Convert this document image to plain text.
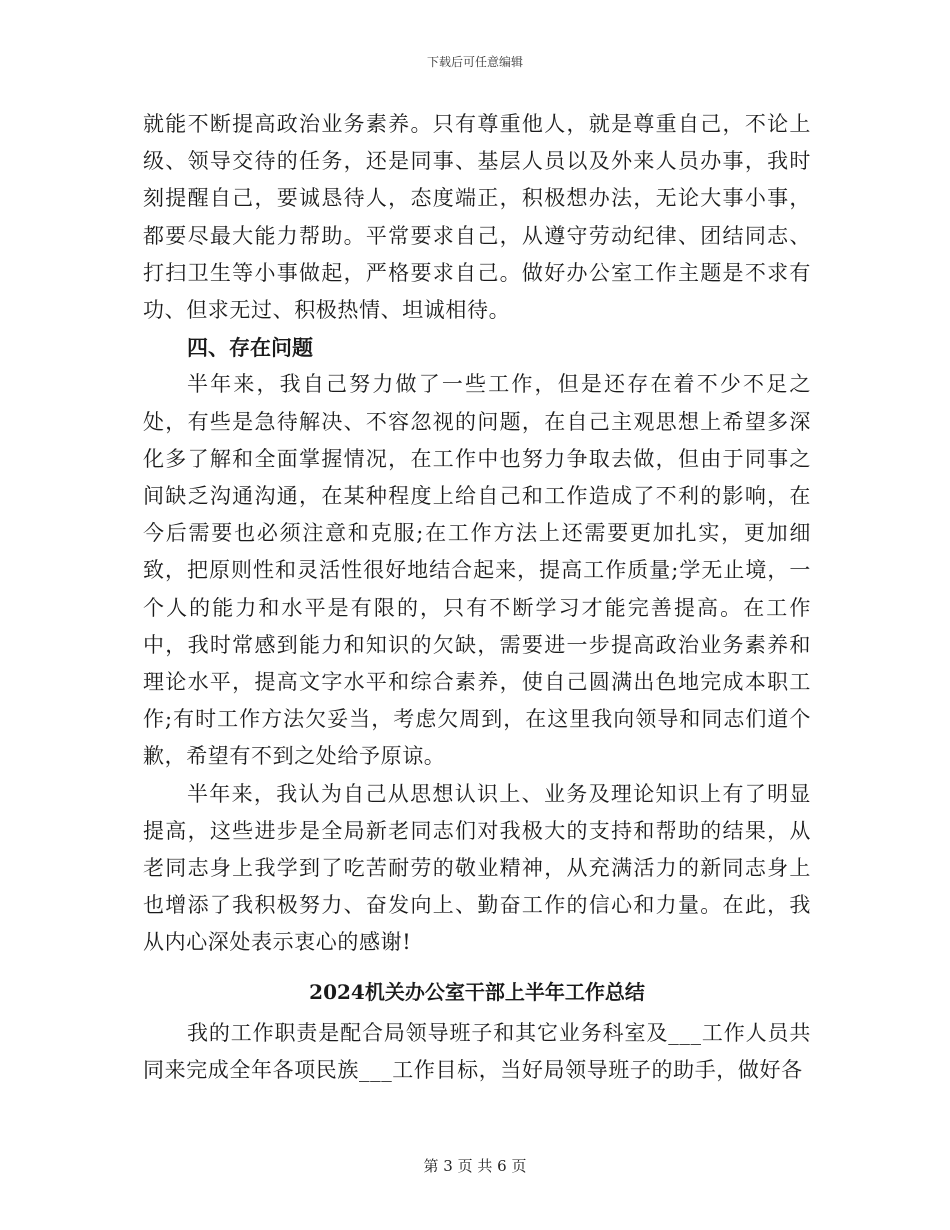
下载后可任意编辑

就能不断提高政治业务素养。只有尊重他人，就是尊重自己，不论上级、领导交待的任务，还是同事、基层人员以及外来人员办事，我时刻提醒自己，要诚恳待人，态度端正，积极想办法，无论大事小事，都要尽最大能力帮助。平常要求自己，从遵守劳动纪律、团结同志、打扫卫生等小事做起，严格要求自己。做好办公室工作主题是不求有功、但求无过、积极热情、坦诚相待。

四、存在问题

半年来，我自己努力做了一些工作，但是还存在着不少不足之处，有些是急待解决、不容忽视的问题，在自己主观思想上希望多深化多了解和全面掌握情况，在工作中也努力争取去做，但由于同事之间缺乏沟通沟通，在某种程度上给自己和工作造成了不利的影响，在今后需要也必须注意和克服;在工作方法上还需要更加扎实，更加细致，把原则性和灵活性很好地结合起来，提高工作质量;学无止境，一个人的能力和水平是有限的，只有不断学习才能完善提高。在工作中，我时常感到能力和知识的欠缺，需要进一步提高政治业务素养和理论水平，提高文字水平和综合素养，使自己圆满出色地完成本职工作;有时工作方法欠妥当，考虑欠周到，在这里我向领导和同志们道个歉，希望有不到之处给予原谅。

半年来，我认为自己从思想认识上、业务及理论知识上有了明显提高，这些进步是全局新老同志们对我极大的支持和帮助的结果，从老同志身上我学到了吃苦耐劳的敬业精神，从充满活力的新同志身上也增添了我积极努力、奋发向上、勤奋工作的信心和力量。在此，我从内心深处表示衷心的感谢!

2024机关办公室干部上半年工作总结

我的工作职责是配合局领导班子和其它业务科室及___工作人员共同来完成全年各项民族___工作目标，当好局领导班子的助手，做好各

第 3 页 共 6 页
